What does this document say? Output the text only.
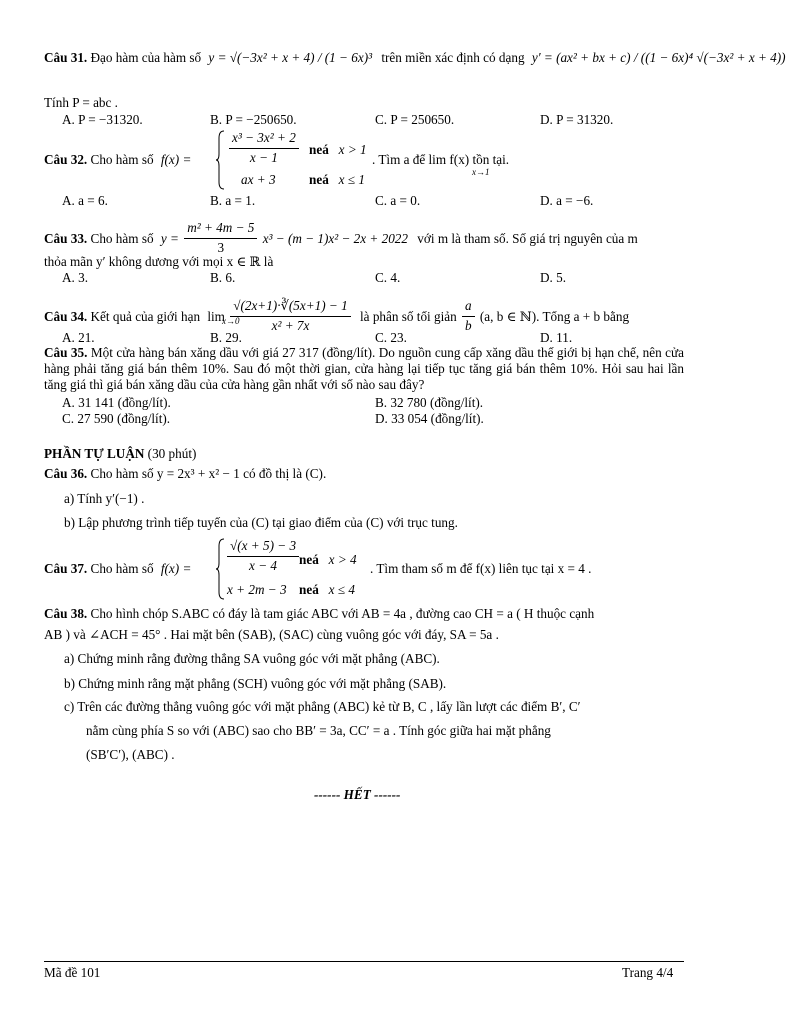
Câu 31. Đạo hàm của hàm số y = √(−3x² + x + 4) / (1 − 6x)³ trên miền xác định có dạng y′ = (ax² + bx + c) / ((1 − 6x)⁴ √(−3x² + x + 4))
Tính P = abc .
A. P = −31320.	B. P = −250650.	C. P = 250650.	D. P = 31320.
Câu 32. Cho hàm số f(x) =	$\frac{\text{x³ − 3x² + 2}}{x - 1}$ neá x > 1
ax + 3	neá x ≤ 1
. Tìm a để lim f(x) tồn tại.
x→1
A. a = 6.	B. a = 1.	C. a = 0.	D. a = −6.
Câu 33. Cho hàm số $y = \frac{\text{m² + 4m − 5}}{3} x^3 - (m - 1)x^2 - 2x + 2022$ với m là tham số. Số giá trị nguyên của m
thỏa mãn y′ không dương với mọi x ∈ ℝ là
A. 3.	B. 6.	C. 4.	D. 5.
Câu 34. Kết quả của giới hạn $\lim \frac{√(2x+1)\cdot∛(5x+1) - 1}{\text{x² + 7x}}$ là phân số tối giản $\frac{a}{b} (a$, b ∈ ℕ). Tổng a + b bằng
x→0
A. 21.	B. 29.	C. 23.	D. 11.
Câu 35. Một cửa hàng bán xăng dầu với giá 27 317 (đồng/lít). Do nguồn cung cấp xăng dầu thế giới bị hạn chế, nên cửa hàng phải tăng giá bán thêm 10%. Sau đó một thời gian, cửa hàng lại tiếp tục tăng giá bán thêm 10%. Hỏi sau hai lần tăng giá thì giá bán xăng dầu của cửa hàng gần nhất với số nào sau đây?
A. 31 141 (đồng/lít).	B. 32 780 (đồng/lít).
C. 27 590 (đồng/lít).	D. 33 054 (đồng/lít).
PHẦN TỰ LUẬN (30 phút)
Câu 36. Cho hàm số y = 2x³ + x² − 1 có đồ thị là (C).
a) Tính y′(−1) .
b) Lập phương trình tiếp tuyến của (C) tại giao điểm của (C) với trục tung.
Câu 37. Cho hàm số f(x) =	$\frac{√(x + 5) - 3}{x - 4}$ neá x > 4
x + 2m − 3 neá x ≤ 4
. Tìm tham số m để f(x) liên tục tại x = 4 .
Câu 38. Cho hình chóp S.ABC có đáy là tam giác ABC với AB = 4a , đường cao CH = a ( H thuộc cạnh
AB ) và ∠ACH = 45° . Hai mặt bên (SAB), (SAC) cùng vuông góc với đáy, SA = 5a .
a) Chứng minh rằng đường thẳng SA vuông góc với mặt phẳng (ABC).
b) Chứng minh rằng mặt phẳng (SCH) vuông góc với mặt phẳng (SAB).
c) Trên các đường thẳng vuông góc với mặt phẳng (ABC) kẻ từ B, C , lấy lần lượt các điểm B′, C′
nằm cùng phía S so với (ABC) sao cho BB′ = 3a, CC′ = a . Tính góc giữa hai mặt phẳng
(SB′C′), (ABC) .
------ HẾT ------
Mã đề 101	Trang 4/4
